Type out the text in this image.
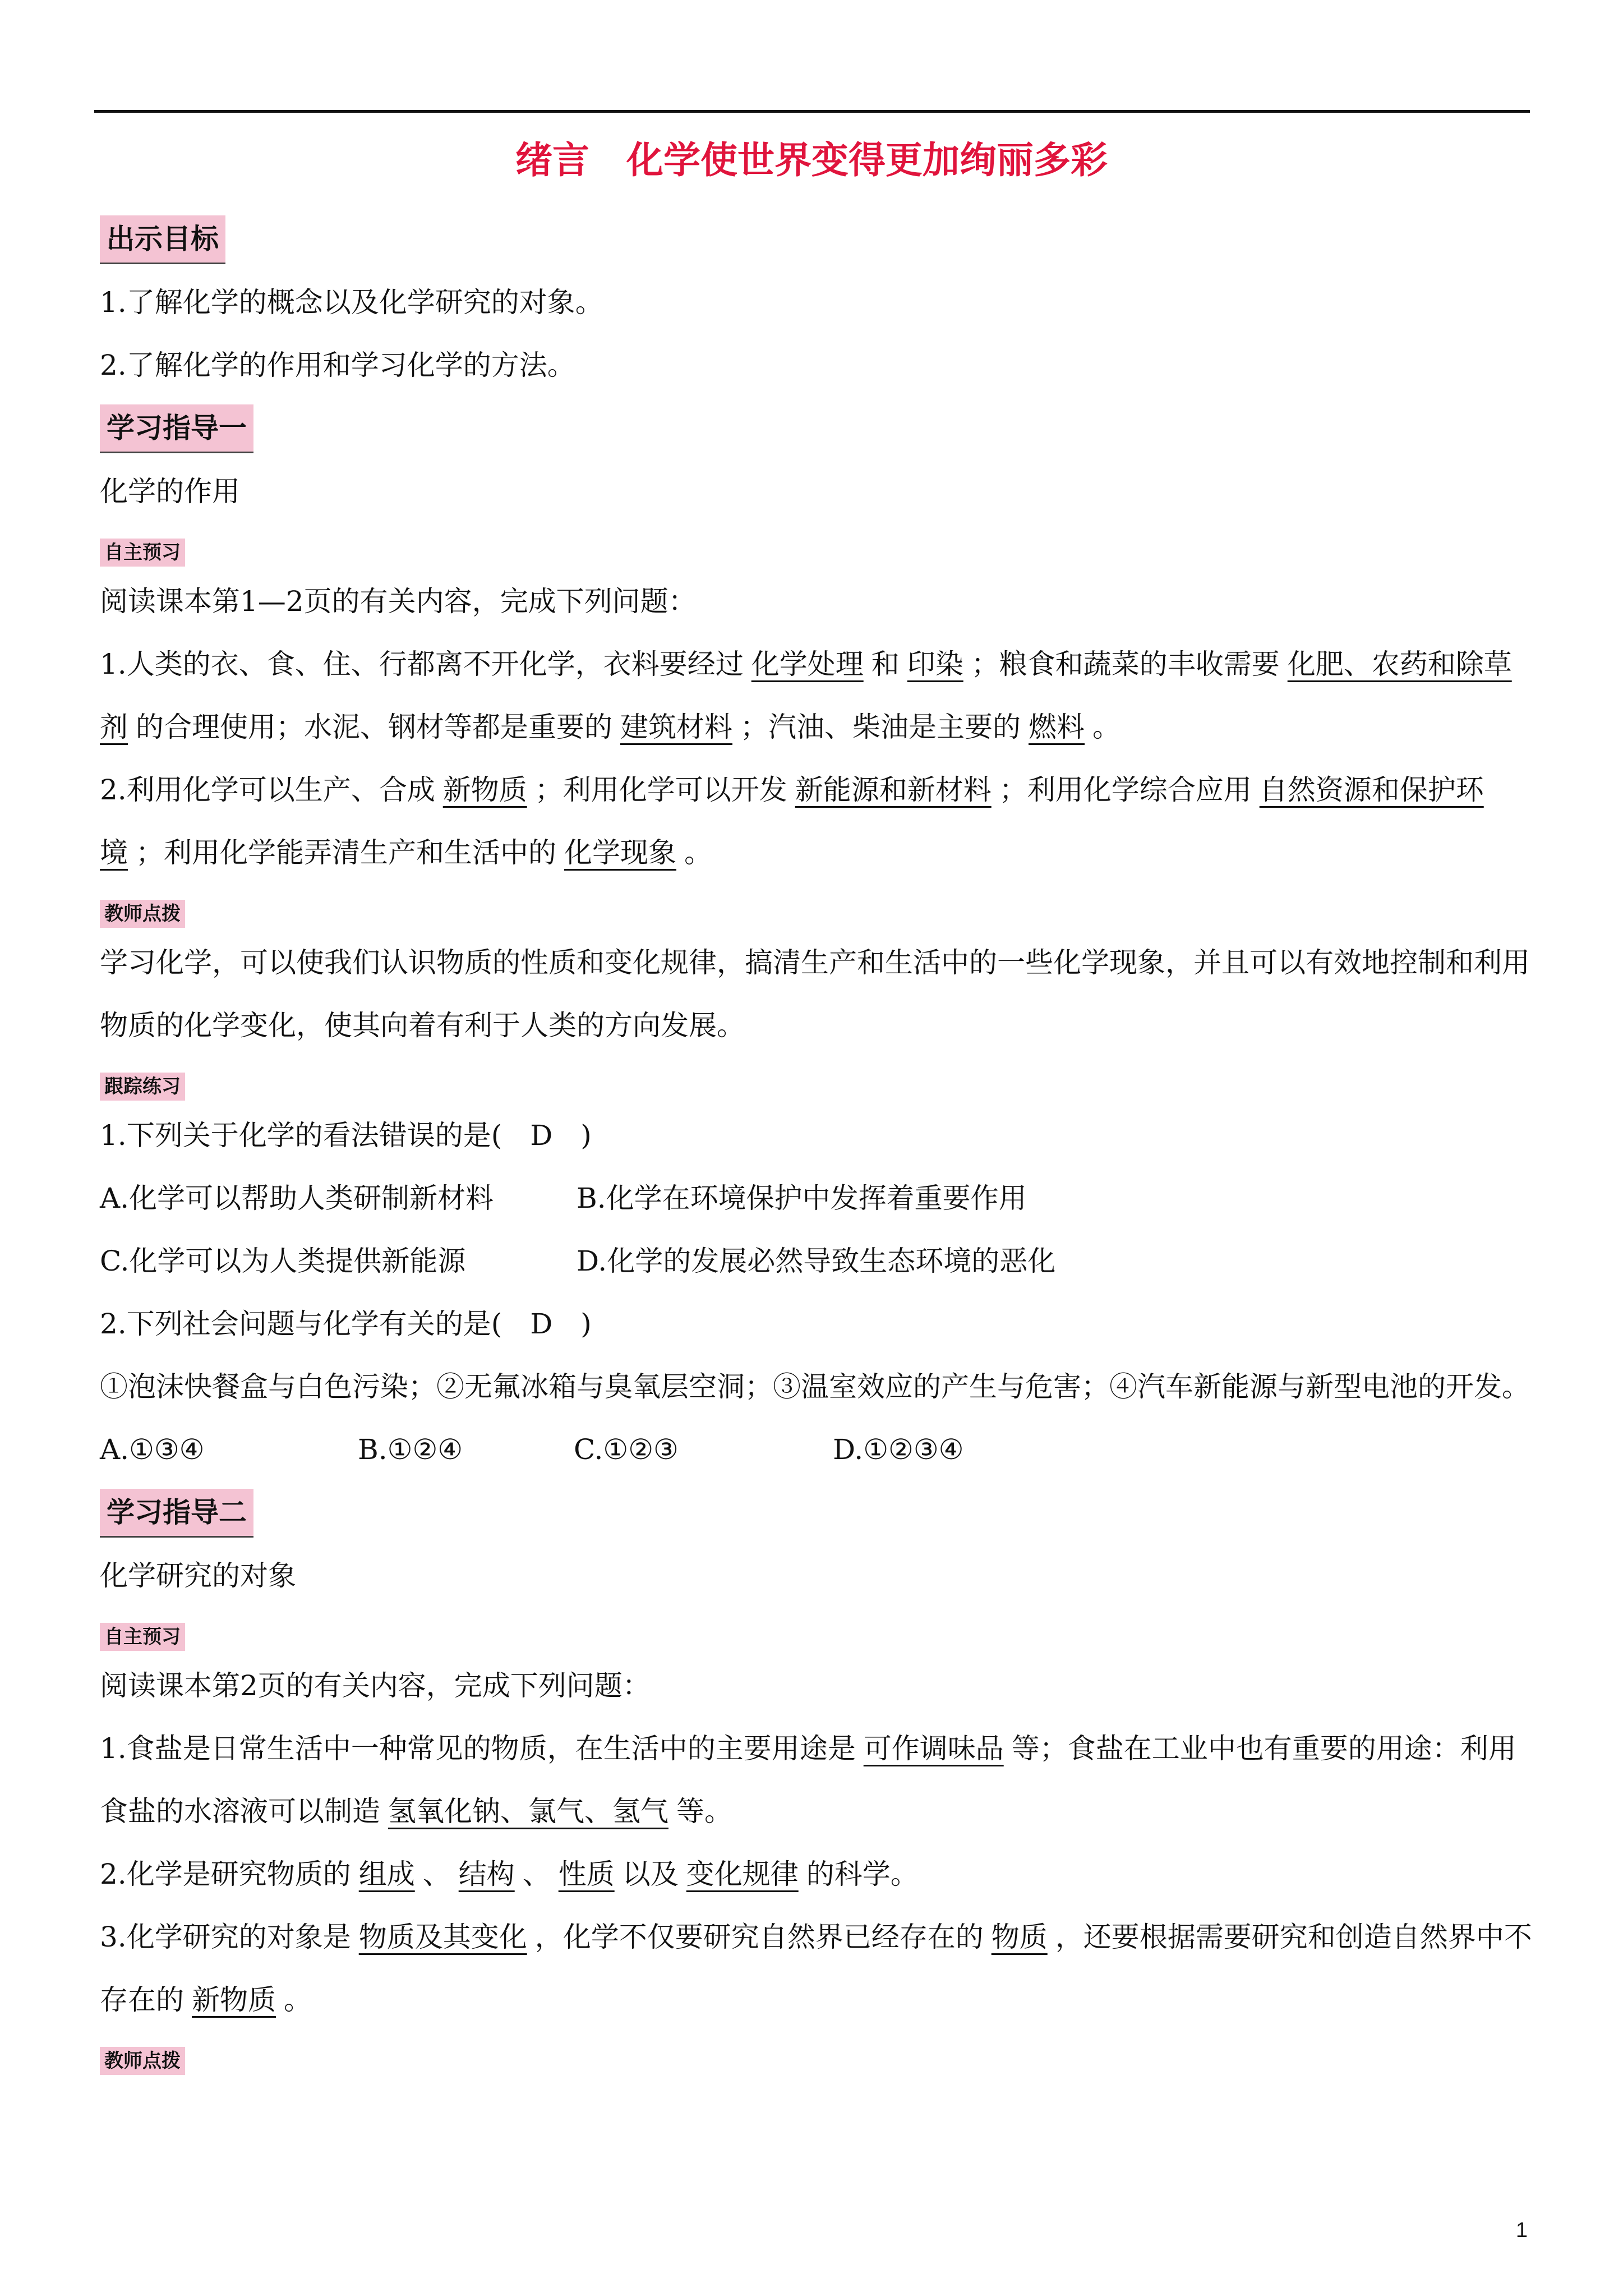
绪言　化学使世界变得更加绚丽多彩
出示目标
1.了解化学的概念以及化学研究的对象。
2.了解化学的作用和学习化学的方法。
学习指导一
化学的作用
自主预习
阅读课本第1—2页的有关内容，完成下列问题：
1.人类的衣、食、住、行都离不开化学，衣料要经过 化学处理 和 印染 ；粮食和蔬菜的丰收需要 化肥、农药和除草剂 的合理使用；水泥、钢材等都是重要的 建筑材料 ；汽油、柴油是主要的 燃料 。
2.利用化学可以生产、合成 新物质 ；利用化学可以开发 新能源和新材料 ；利用化学综合应用 自然资源和保护环境 ；利用化学能弄清生产和生活中的 化学现象 。
教师点拨
学习化学，可以使我们认识物质的性质和变化规律，搞清生产和生活中的一些化学现象，并且可以有效地控制和利用物质的化学变化，使其向着有利于人类的方向发展。
跟踪练习
1.下列关于化学的看法错误的是(　D　)
A.化学可以帮助人类研制新材料	B.化学在环境保护中发挥着重要作用
C.化学可以为人类提供新能源	D.化学的发展必然导致生态环境的恶化
2.下列社会问题与化学有关的是(　D　)
①泡沫快餐盒与白色污染；②无氟冰箱与臭氧层空洞；③温室效应的产生与危害；④汽车新能源与新型电池的开发。
A.①③④	B.①②④	C.①②③	D.①②③④
学习指导二
化学研究的对象
自主预习
阅读课本第2页的有关内容，完成下列问题：
1.食盐是日常生活中一种常见的物质，在生活中的主要用途是 可作调味品 等；食盐在工业中也有重要的用途：利用食盐的水溶液可以制造 氢氧化钠、氯气、氢气 等。
2.化学是研究物质的 组成 、 结构 、 性质 以及 变化规律 的科学。
3.化学研究的对象是 物质及其变化 ，化学不仅要研究自然界已经存在的 物质 ，还要根据需要研究和创造自然界中不存在的 新物质 。
教师点拨
1
